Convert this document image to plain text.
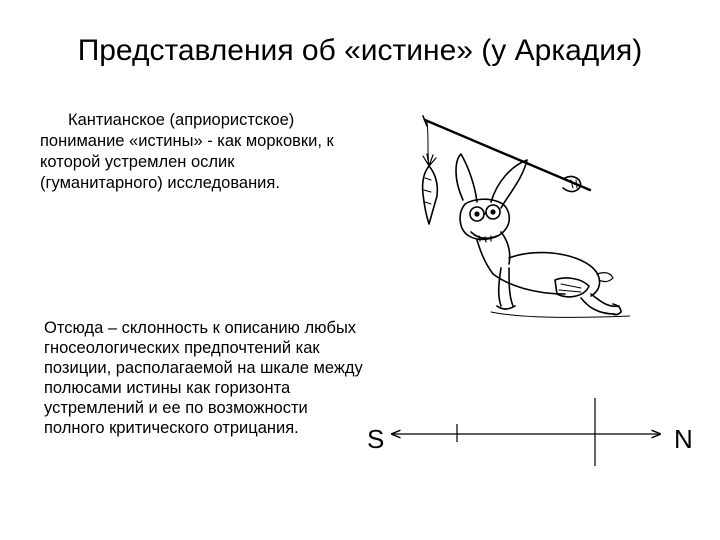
Представления об «истине» (у Аркадия)

Кантианское (априористское) понимание «истины» - как морковки, к которой устремлен ослик (гуманитарного) исследования.

Отсюда – склонность к описанию любых гносеологических предпочтений как позиции, располагаемой на шкале между полюсами истины как горизонта устремлений и ее по возможности полного критического отрицания.	S	N
